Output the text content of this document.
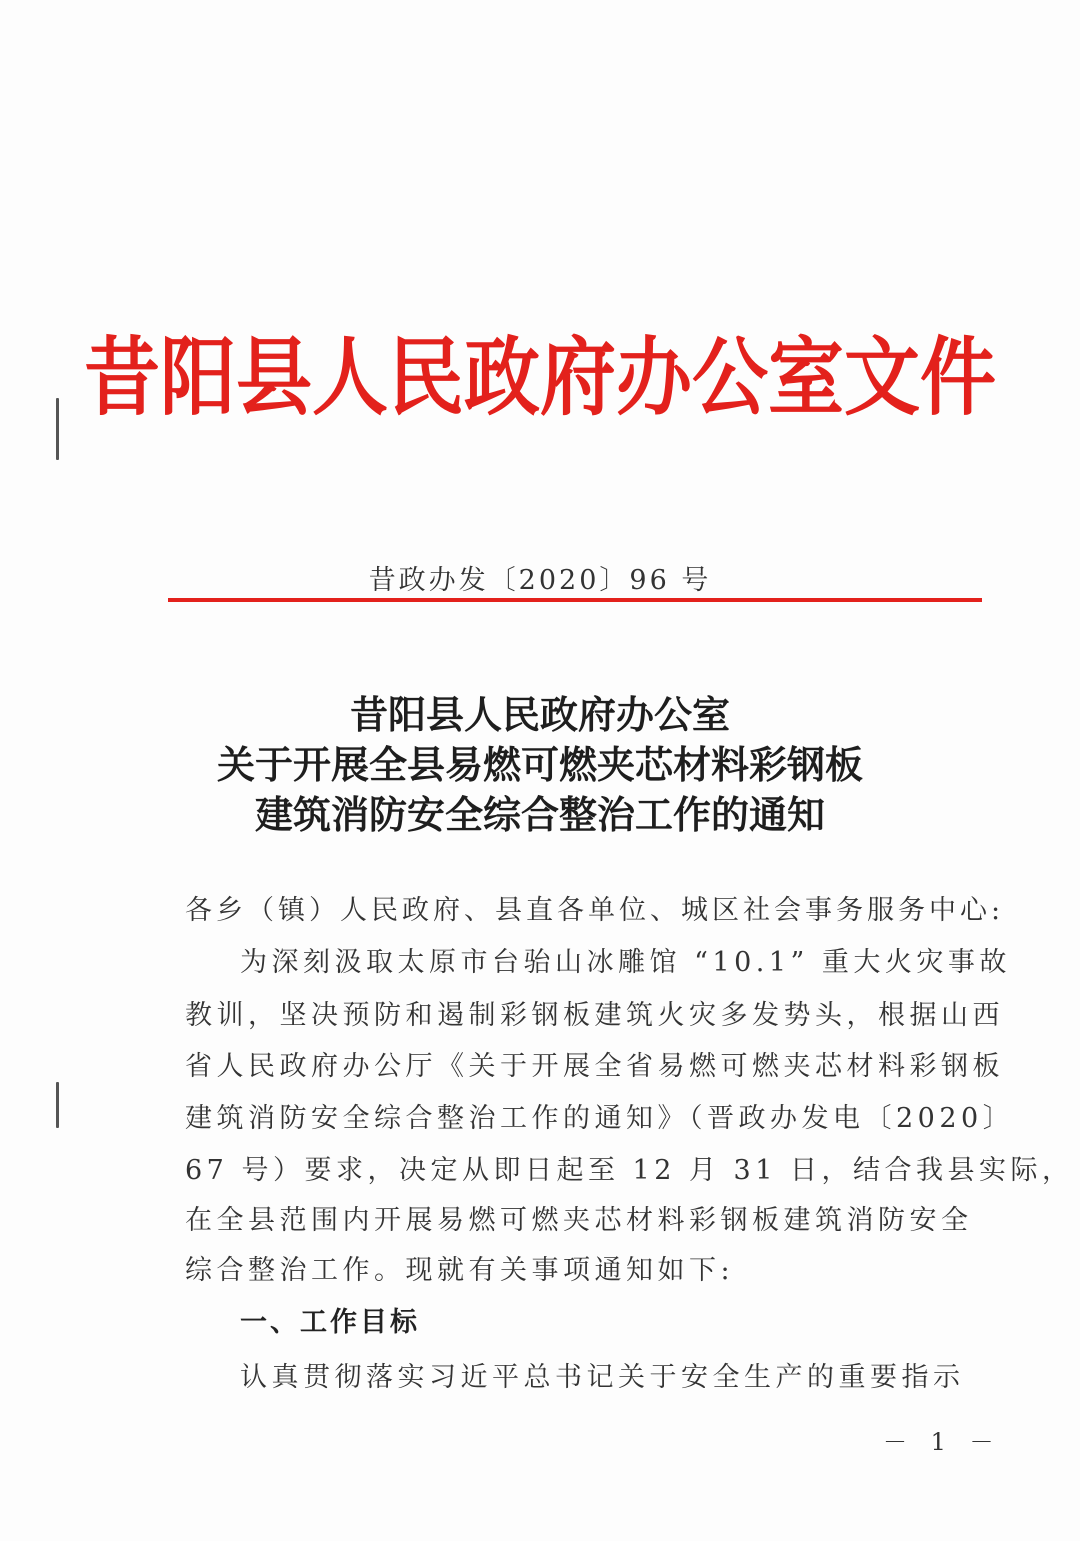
昔阳县人民政府办公室文件
昔政办发〔2020〕96 号
昔阳县人民政府办公室
关于开展全县易燃可燃夹芯材料彩钢板
建筑消防安全综合整治工作的通知
各乡（镇）人民政府、县直各单位、城区社会事务服务中心:
为深刻汲取太原市台骀山冰雕馆 “10.1” 重大火灾事故
教训，坚决预防和遏制彩钢板建筑火灾多发势头，根据山西
省人民政府办公厅《关于开展全省易燃可燃夹芯材料彩钢板
建筑消防安全综合整治工作的通知》（晋政办发电〔2020〕
67 号）要求，决定从即日起至 12 月 31 日，结合我县实际，
在全县范围内开展易燃可燃夹芯材料彩钢板建筑消防安全
综合整治工作。现就有关事项通知如下:
一、工作目标
认真贯彻落实习近平总书记关于安全生产的重要指示
－ 1 －
